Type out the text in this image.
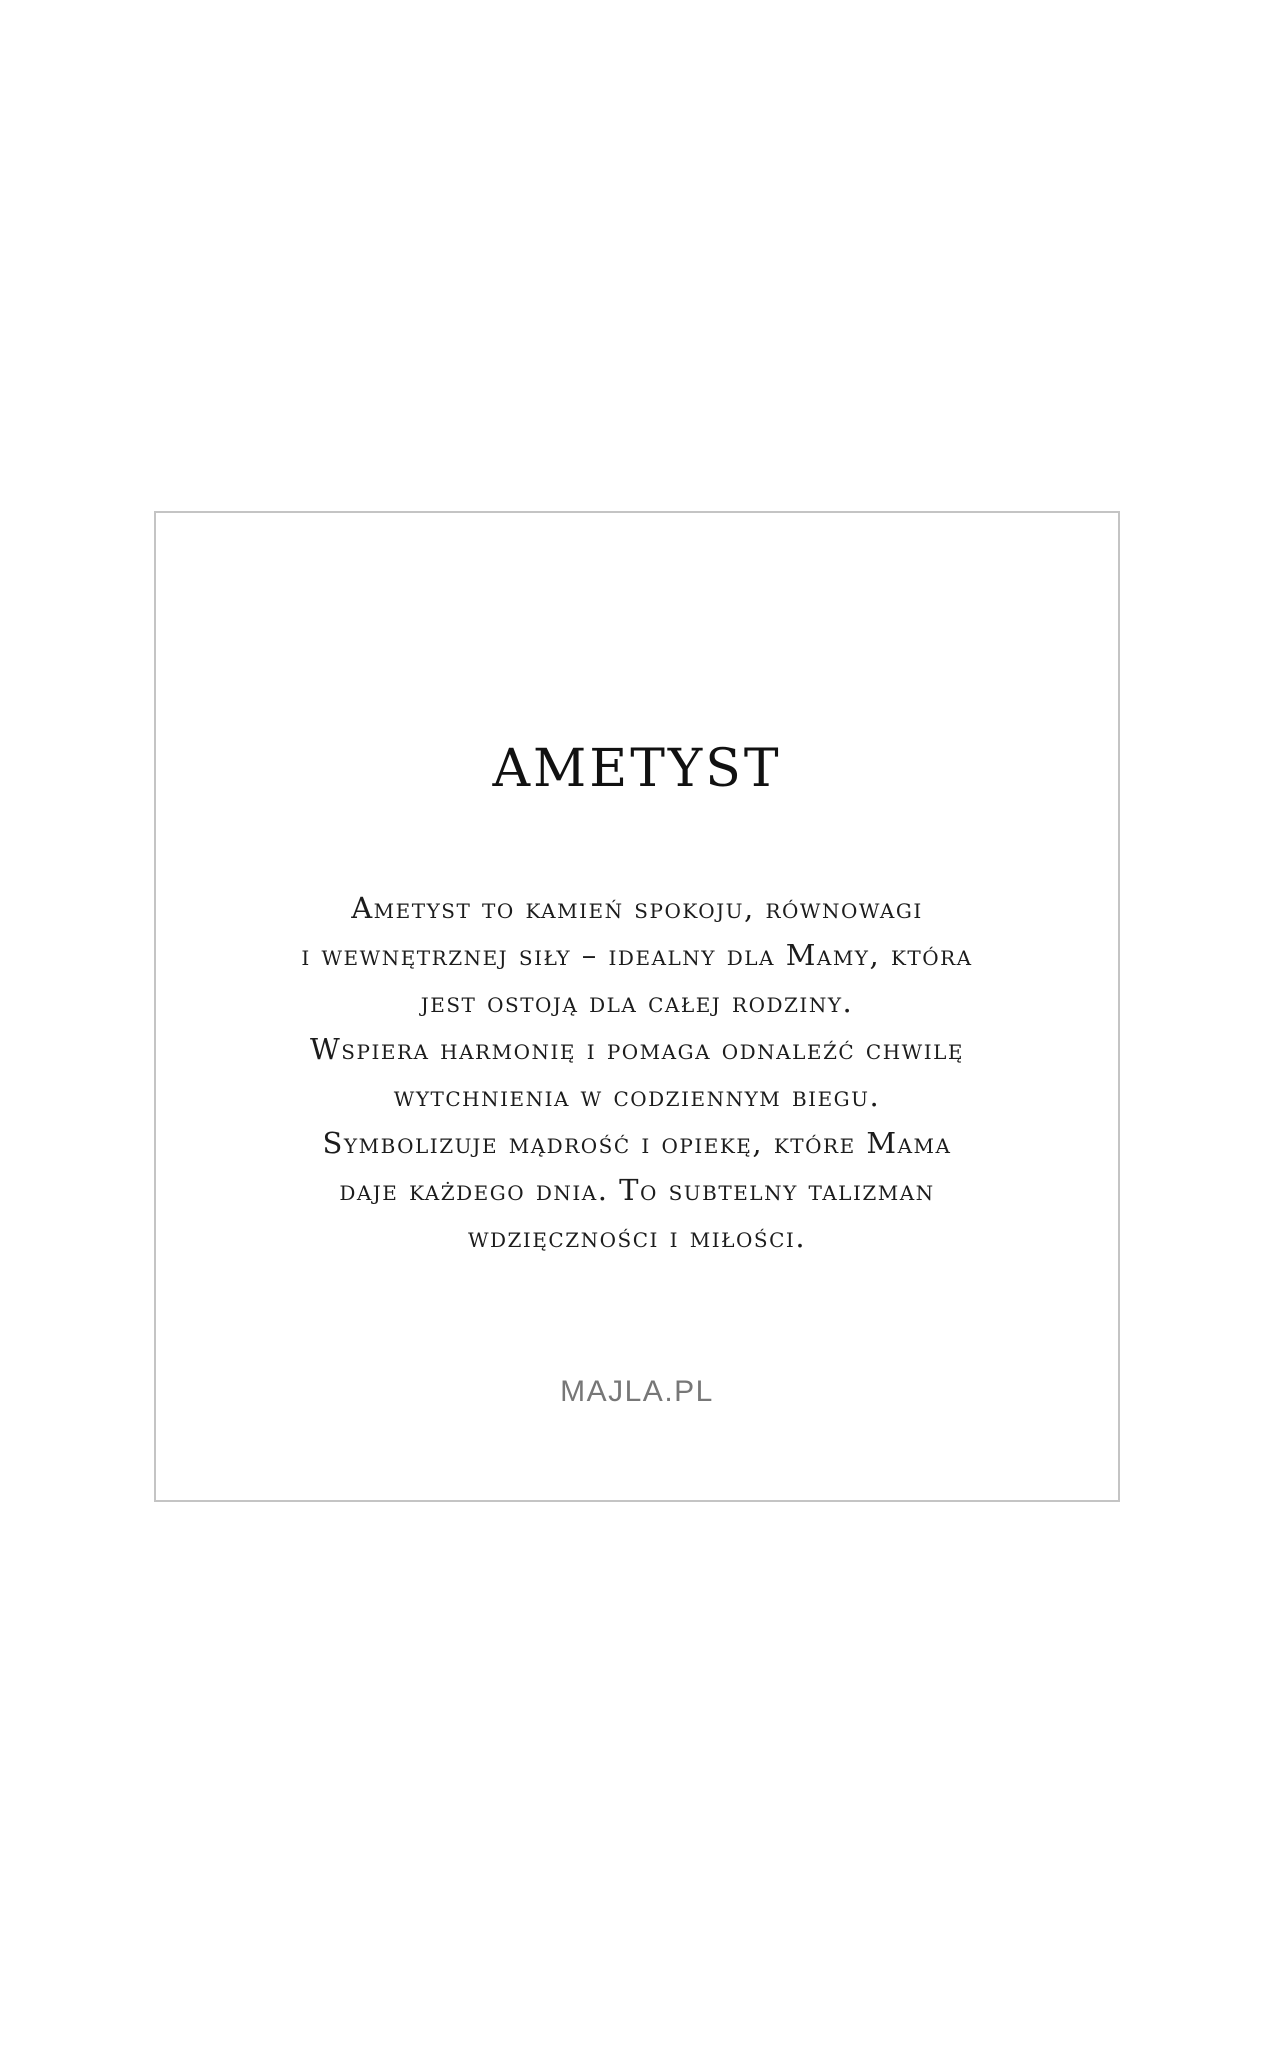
AMETYST
Ametyst to kamień spokoju, równowagi
i wewnętrznej siły – idealny dla Mamy, która
jest ostoją dla całej rodziny.
Wspiera harmonię i pomaga odnaleźć chwilę
wytchnienia w codziennym biegu.
Symbolizuje mądrość i opiekę, które Mama
daje każdego dnia. To subtelny talizman
wdzięczności i miłości.
MAJLA.PL
